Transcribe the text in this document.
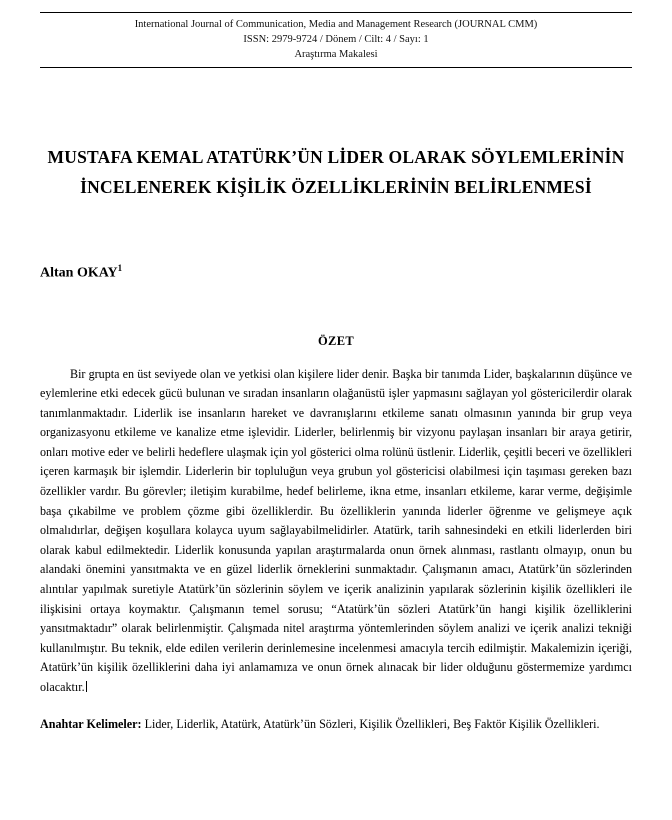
International Journal of Communication, Media and Management Research (JOURNAL CMM)
ISSN: 2979-9724 / Dönem / Cilt: 4 / Sayı: 1
Araştırma Makalesi
MUSTAFA KEMAL ATATÜRK’ÜN LİDER OLARAK SÖYLEMLERİNİN İNCELENEREK KİŞİLİK ÖZELLİKLERİNİN BELİRLENMESİ
Altan OKAY$^1$
ÖZET
Bir grupta en üst seviyede olan ve yetkisi olan kişilere lider denir. Başka bir tanımda Lider, başkalarının düşünce ve eylemlerine etki edecek gücü bulunan ve sıradan insanların olağanüstü işler yapmasını sağlayan yol göstericilerdir olarak tanımlanmaktadır. Liderlik ise insanların hareket ve davranışlarını etkileme sanatı olmasının yanında bir grup veya organizasyonu etkileme ve kanalize etme işlevidir. Liderler, belirlenmiş bir vizyonu paylaşan insanları bir araya getirir, onları motive eder ve belirli hedeflere ulaşmak için yol gösterici olma rolünü üstlenir. Liderlik, çeşitli beceri ve özellikleri içeren karmaşık bir işlemdir. Liderlerin bir topluluğun veya grubun yol göstericisi olabilmesi için taşıması gereken bazı özellikler vardır. Bu görevler; iletişim kurabilme, hedef belirleme, ikna etme, insanları etkileme, karar verme, değişimle başa çıkabilme ve problem çözme gibi özelliklerdir. Bu özelliklerin yanında liderler öğrenme ve gelişmeye açık olmalıdırlar, değişen koşullara kolayca uyum sağlayabilmelidirler. Atatürk, tarih sahnesindeki en etkili liderlerden biri olarak kabul edilmektedir. Liderlik konusunda yapılan araştırmalarda onun örnek alınması, rastlantı olmayıp, onun bu alandaki önemini yansıtmakta ve en güzel liderlik örneklerini sunmaktadır. Çalışmanın amacı, Atatürk’ün sözlerinden alıntılar yapılmak suretiyle Atatürk’ün sözlerinin söylem ve içerik analizinin yapılarak sözlerinin kişilik özellikleri ile ilişkisini ortaya koymaktır. Çalışmanın temel sorusu; “Atatürk’ün sözleri Atatürk’ün hangi kişilik özelliklerini yansıtmaktadır” olarak belirlenmiştir. Çalışmada nitel araştırma yöntemlerinden söylem analizi ve içerik analizi tekniği kullanılmıştır. Bu teknik, elde edilen verilerin derinlemesine incelenmesi amacıyla tercih edilmiştir. Makalemizin içeriği, Atatürk’ün kişilik özelliklerini daha iyi anlamamıza ve onun örnek alınacak bir lider olduğunu göstermemize yardımcı olacaktır.
Anahtar Kelimeler: Lider, Liderlik, Atatürk, Atatürk’ün Sözleri, Kişilik Özellikleri, Beş Faktör Kişilik Özellikleri.
